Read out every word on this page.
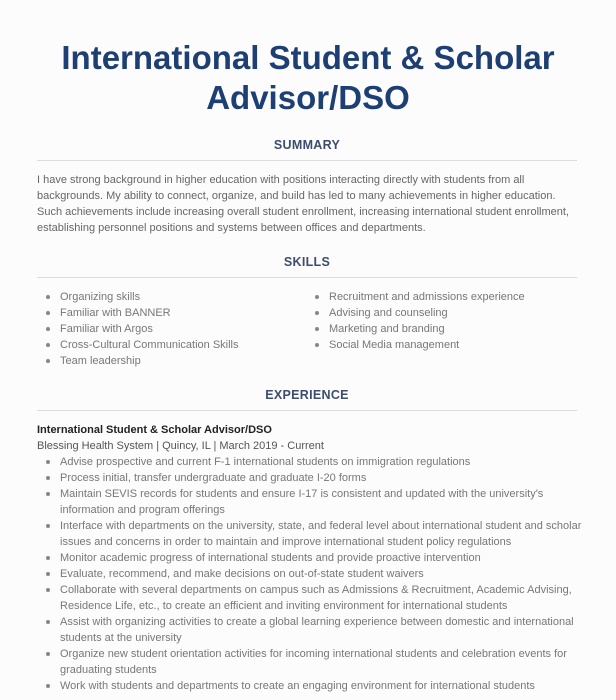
International Student & Scholar Advisor/DSO
SUMMARY
I have strong background in higher education with positions interacting directly with students from all backgrounds. My ability to connect, organize, and build has led to many achievements in higher education. Such achievements include increasing overall student enrollment, increasing international student enrollment, establishing personnel positions and systems between offices and departments.
SKILLS
Organizing skills
Familiar with BANNER
Familiar with Argos
Cross-Cultural Communication Skills
Team leadership
Recruitment and admissions experience
Advising and counseling
Marketing and branding
Social Media management
EXPERIENCE
International Student & Scholar Advisor/DSO
Blessing Health System | Quincy, IL | March 2019 - Current
Advise prospective and current F-1 international students on immigration regulations
Process initial, transfer undergraduate and graduate I-20 forms
Maintain SEVIS records for students and ensure I-17 is consistent and updated with the university's information and program offerings
Interface with departments on the university, state, and federal level about international student and scholar issues and concerns in order to maintain and improve international student policy regulations
Monitor academic progress of international students and provide proactive intervention
Evaluate, recommend, and make decisions on out-of-state student waivers
Collaborate with several departments on campus such as Admissions & Recruitment, Academic Advising, Residence Life, etc., to create an efficient and inviting environment for international students
Assist with organizing activities to create a global learning experience between domestic and international students at the university
Organize new student orientation activities for incoming international students and celebration events for graduating students
Work with students and departments to create an engaging environment for international students
